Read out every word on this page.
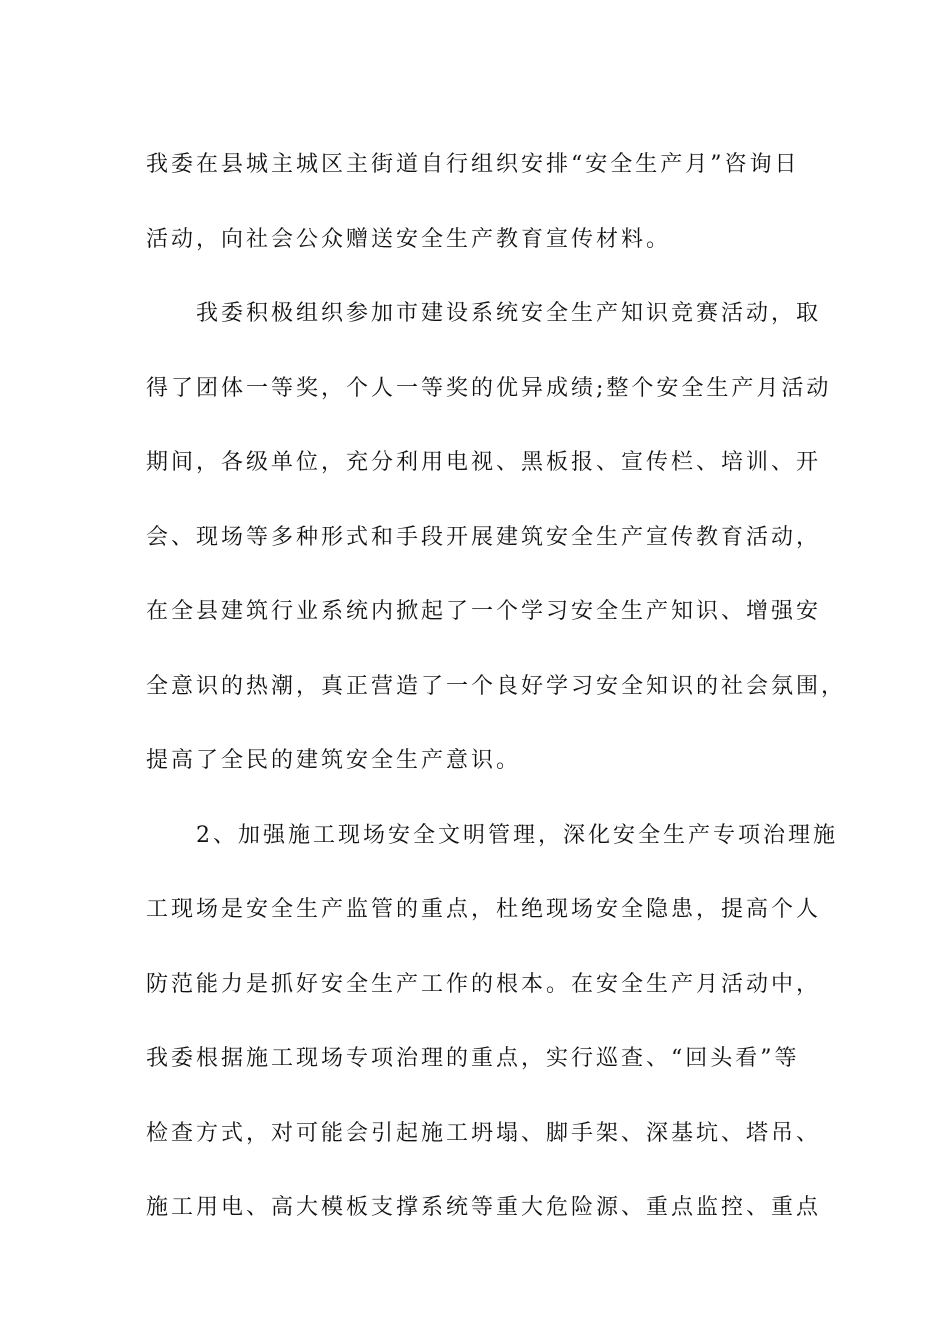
我委在县城主城区主街道自行组织安排“安全生产月”咨询日
活动，向社会公众赠送安全生产教育宣传材料。
我委积极组织参加市建设系统安全生产知识竞赛活动，取
得了团体一等奖，个人一等奖的优异成绩;整个安全生产月活动
期间，各级单位，充分利用电视、黑板报、宣传栏、培训、开
会、现场等多种形式和手段开展建筑安全生产宣传教育活动，
在全县建筑行业系统内掀起了一个学习安全生产知识、增强安
全意识的热潮，真正营造了一个良好学习安全知识的社会氛围，
提高了全民的建筑安全生产意识。
2、加强施工现场安全文明管理，深化安全生产专项治理施
工现场是安全生产监管的重点，杜绝现场安全隐患，提高个人
防范能力是抓好安全生产工作的根本。在安全生产月活动中，
我委根据施工现场专项治理的重点，实行巡查、“回头看”等
检查方式，对可能会引起施工坍塌、脚手架、深基坑、塔吊、
施工用电、高大模板支撑系统等重大危险源、重点监控、重点
